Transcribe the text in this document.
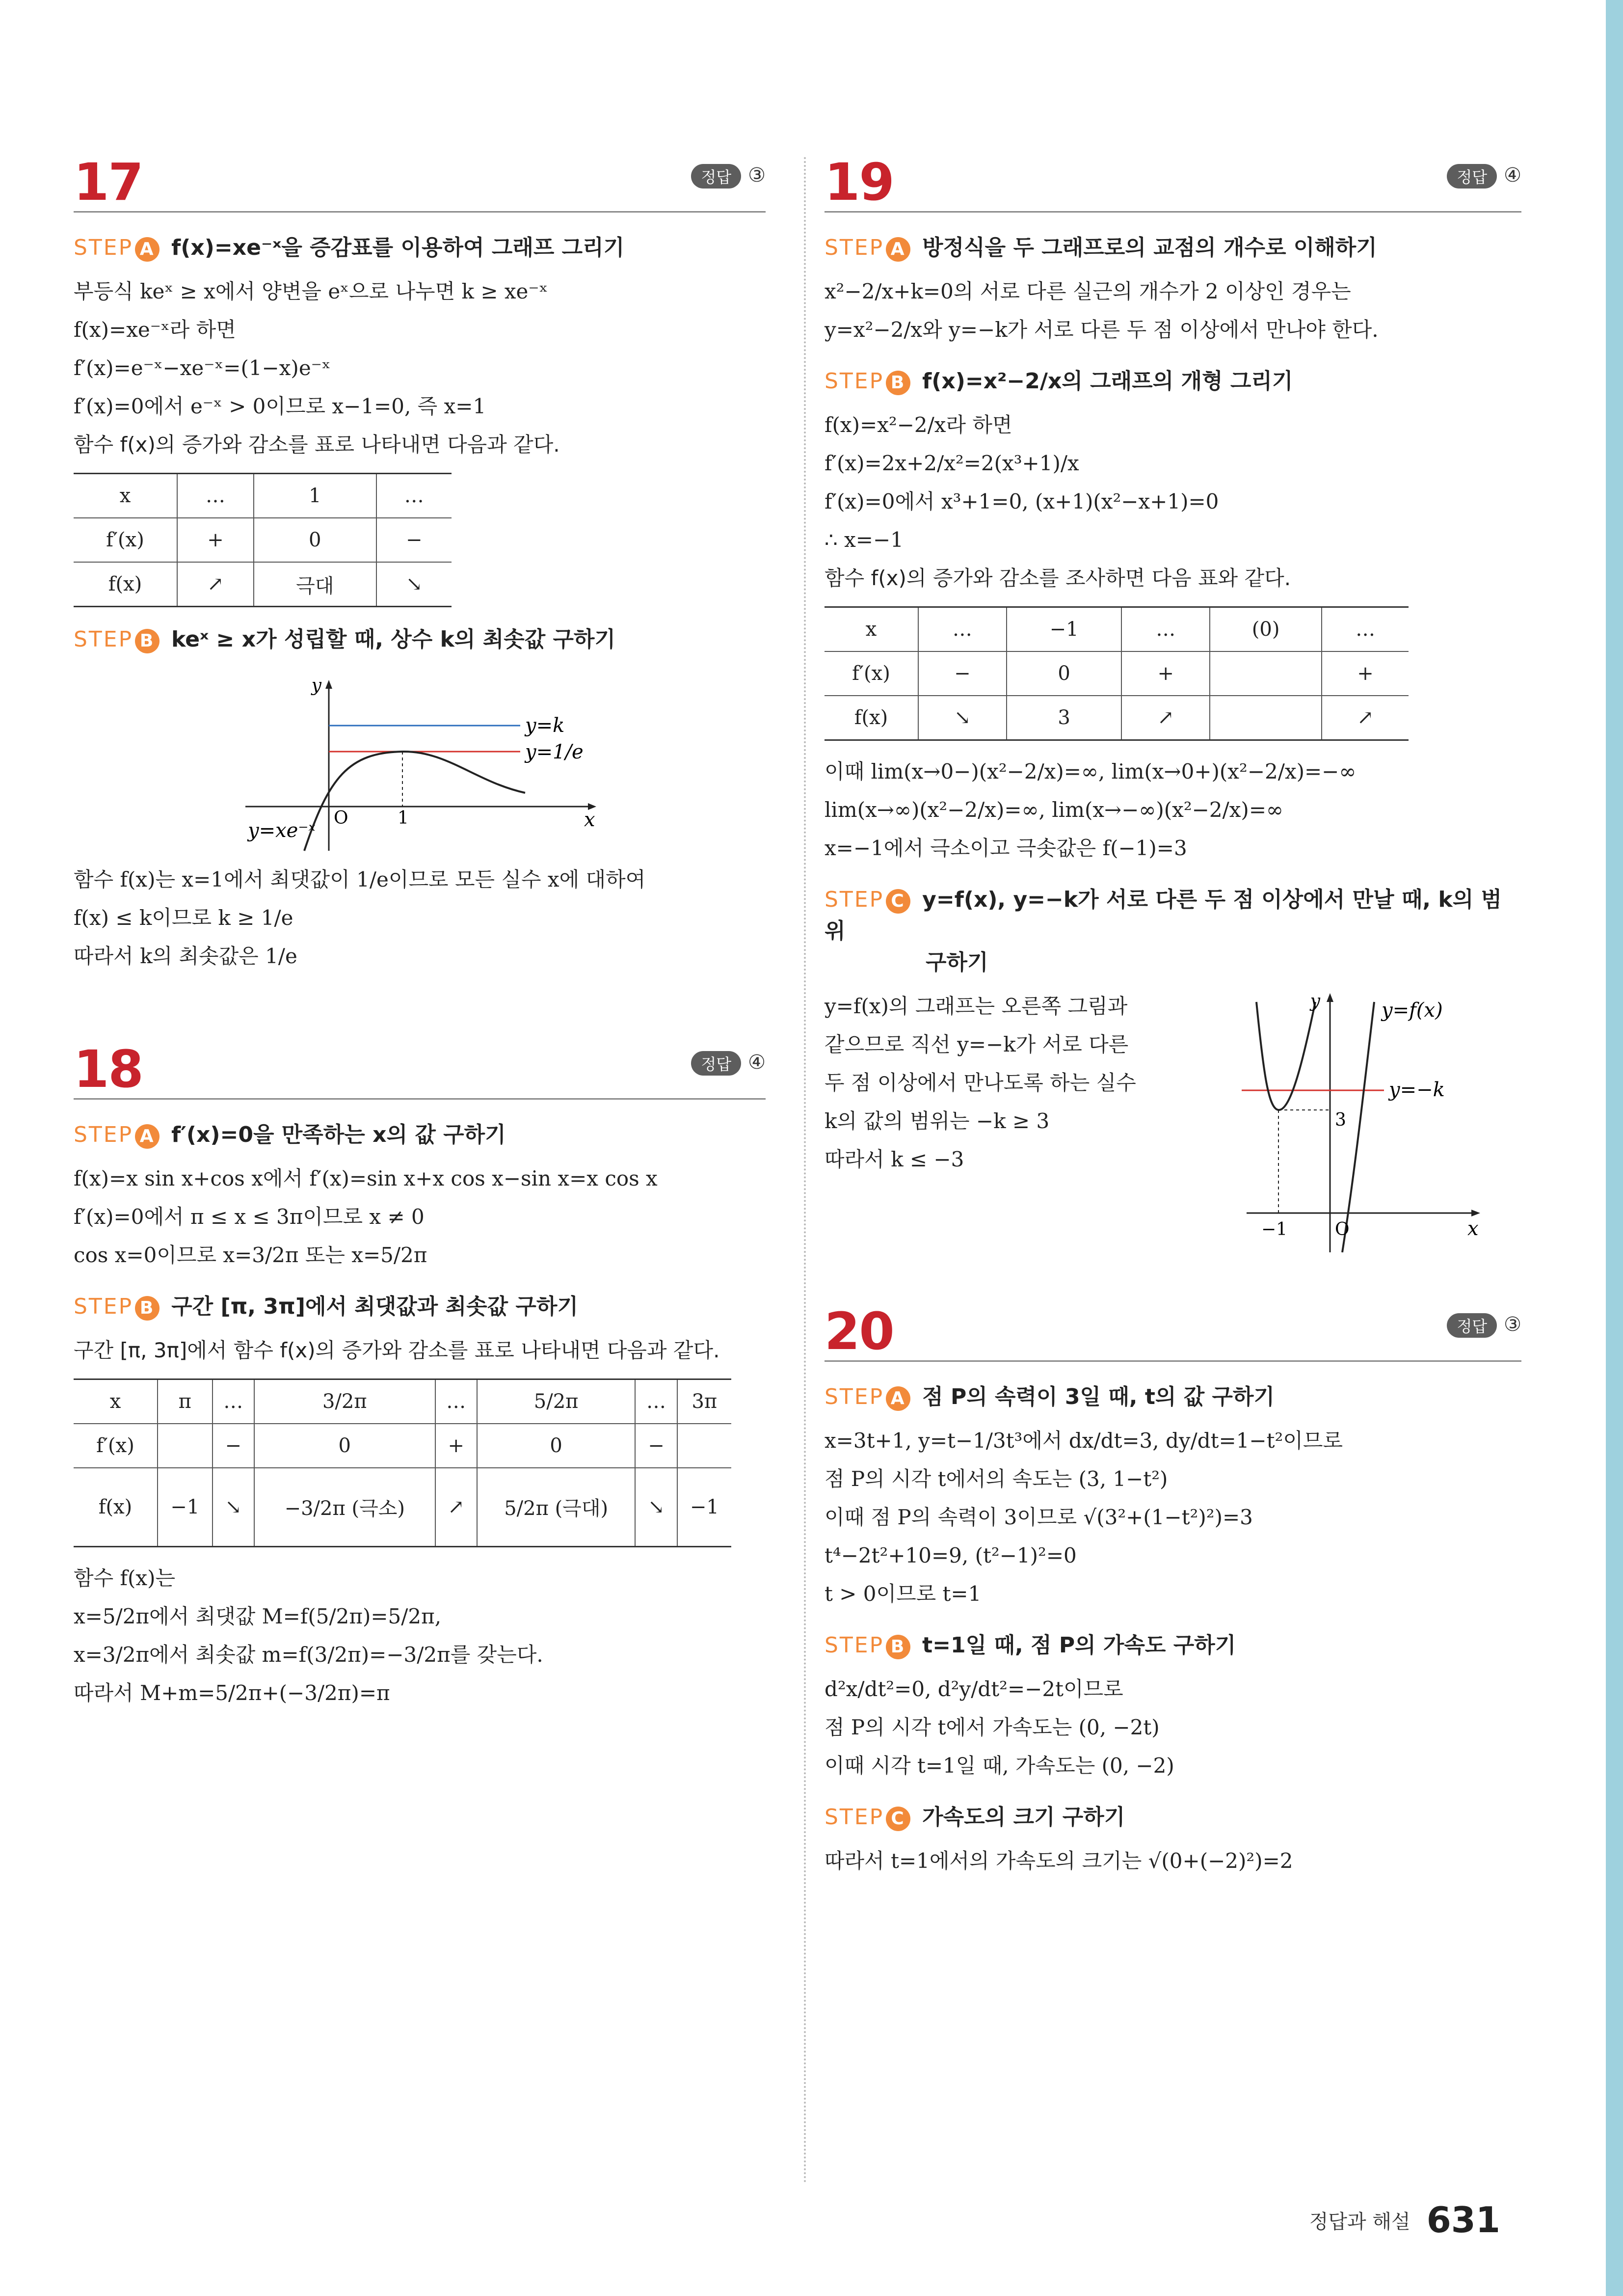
17	정답 ③
STEP A f(x)=xe⁻ˣ을 증감표를 이용하여 그래프 그리기
부등식 keˣ ≥ x에서 양변을 eˣ으로 나누면 k ≥ xe⁻ˣ
f(x)=xe⁻ˣ라 하면
f′(x)=e⁻ˣ−xe⁻ˣ=(1−x)e⁻ˣ
f′(x)=0에서 e⁻ˣ > 0이므로 x−1=0, 즉 x=1
함수 f(x)의 증가와 감소를 표로 나타내면 다음과 같다.
x	…	1	…
f′(x)	+	0	−
f(x)	↗	극대	↘
STEP B keˣ ≥ x가 성립할 때, 상수 k의 최솟값 구하기
y
x
O	1
y=k
y=1/e
y=xe⁻ˣ
함수 f(x)는 x=1에서 최댓값이 1/e이므로 모든 실수 x에 대하여
f(x) ≤ k이므로 k ≥ 1/e
따라서 k의 최솟값은 1/e
18	정답 ④
STEP A f′(x)=0을 만족하는 x의 값 구하기
f(x)=x sin x+cos x에서 f′(x)=sin x+x cos x−sin x=x cos x
f′(x)=0에서 π ≤ x ≤ 3π이므로 x ≠ 0
cos x=0이므로 x=3/2π 또는 x=5/2π
STEP B 구간 [π, 3π]에서 최댓값과 최솟값 구하기
구간 [π, 3π]에서 함수 f(x)의 증가와 감소를 표로 나타내면 다음과 같다.
x	π	…	3/2π	…	5/2π	…	3π
f′(x)		−	0	+	0	−	
f(x)	−1	↘	−3/2π (극소)	↗	5/2π (극대)	↘	−1
함수 f(x)는
x=5/2π에서 최댓값 M=f(5/2π)=5/2π,
x=3/2π에서 최솟값 m=f(3/2π)=−3/2π를 갖는다.
따라서 M+m=5/2π+(−3/2π)=π
19	정답 ④
STEP A 방정식을 두 그래프로의 교점의 개수로 이해하기
x²−2/x+k=0의 서로 다른 실근의 개수가 2 이상인 경우는
y=x²−2/x와 y=−k가 서로 다른 두 점 이상에서 만나야 한다.
STEP B f(x)=x²−2/x의 그래프의 개형 그리기
f(x)=x²−2/x라 하면
f′(x)=2x+2/x²=2(x³+1)/x
f′(x)=0에서 x³+1=0, (x+1)(x²−x+1)=0
∴ x=−1
함수 f(x)의 증가와 감소를 조사하면 다음 표와 같다.
x	…	−1	…	(0)	…
f′(x)	−	0	+		+
f(x)	↘	3	↗		↗
이때 lim(x→0−)(x²−2/x)=∞, lim(x→0+)(x²−2/x)=−∞
lim(x→∞)(x²−2/x)=∞, lim(x→−∞)(x²−2/x)=∞
x=−1에서 극소이고 극솟값은 f(−1)=3
STEP C y=f(x), y=−k가 서로 다른 두 점 이상에서 만날 때, k의 범위
구하기
y=f(x)의 그래프는 오른쪽 그림과
같으므로 직선 y=−k가 서로 다른
두 점 이상에서 만나도록 하는 실수
k의 값의 범위는 −k ≥ 3
따라서 k ≤ −3
y
x
O
−1
3
y=f(x)
y=−k
20	정답 ③
STEP A 점 P의 속력이 3일 때, t의 값 구하기
x=3t+1, y=t−1/3t³에서 dx/dt=3, dy/dt=1−t²이므로
점 P의 시각 t에서의 속도는 (3, 1−t²)
이때 점 P의 속력이 3이므로 √(3²+(1−t²)²)=3
t⁴−2t²+10=9, (t²−1)²=0
t > 0이므로 t=1
STEP B t=1일 때, 점 P의 가속도 구하기
d²x/dt²=0, d²y/dt²=−2t이므로
점 P의 시각 t에서 가속도는 (0, −2t)
이때 시각 t=1일 때, 가속도는 (0, −2)
STEP C 가속도의 크기 구하기
따라서 t=1에서의 가속도의 크기는 √(0+(−2)²)=2
정답과 해설 631
